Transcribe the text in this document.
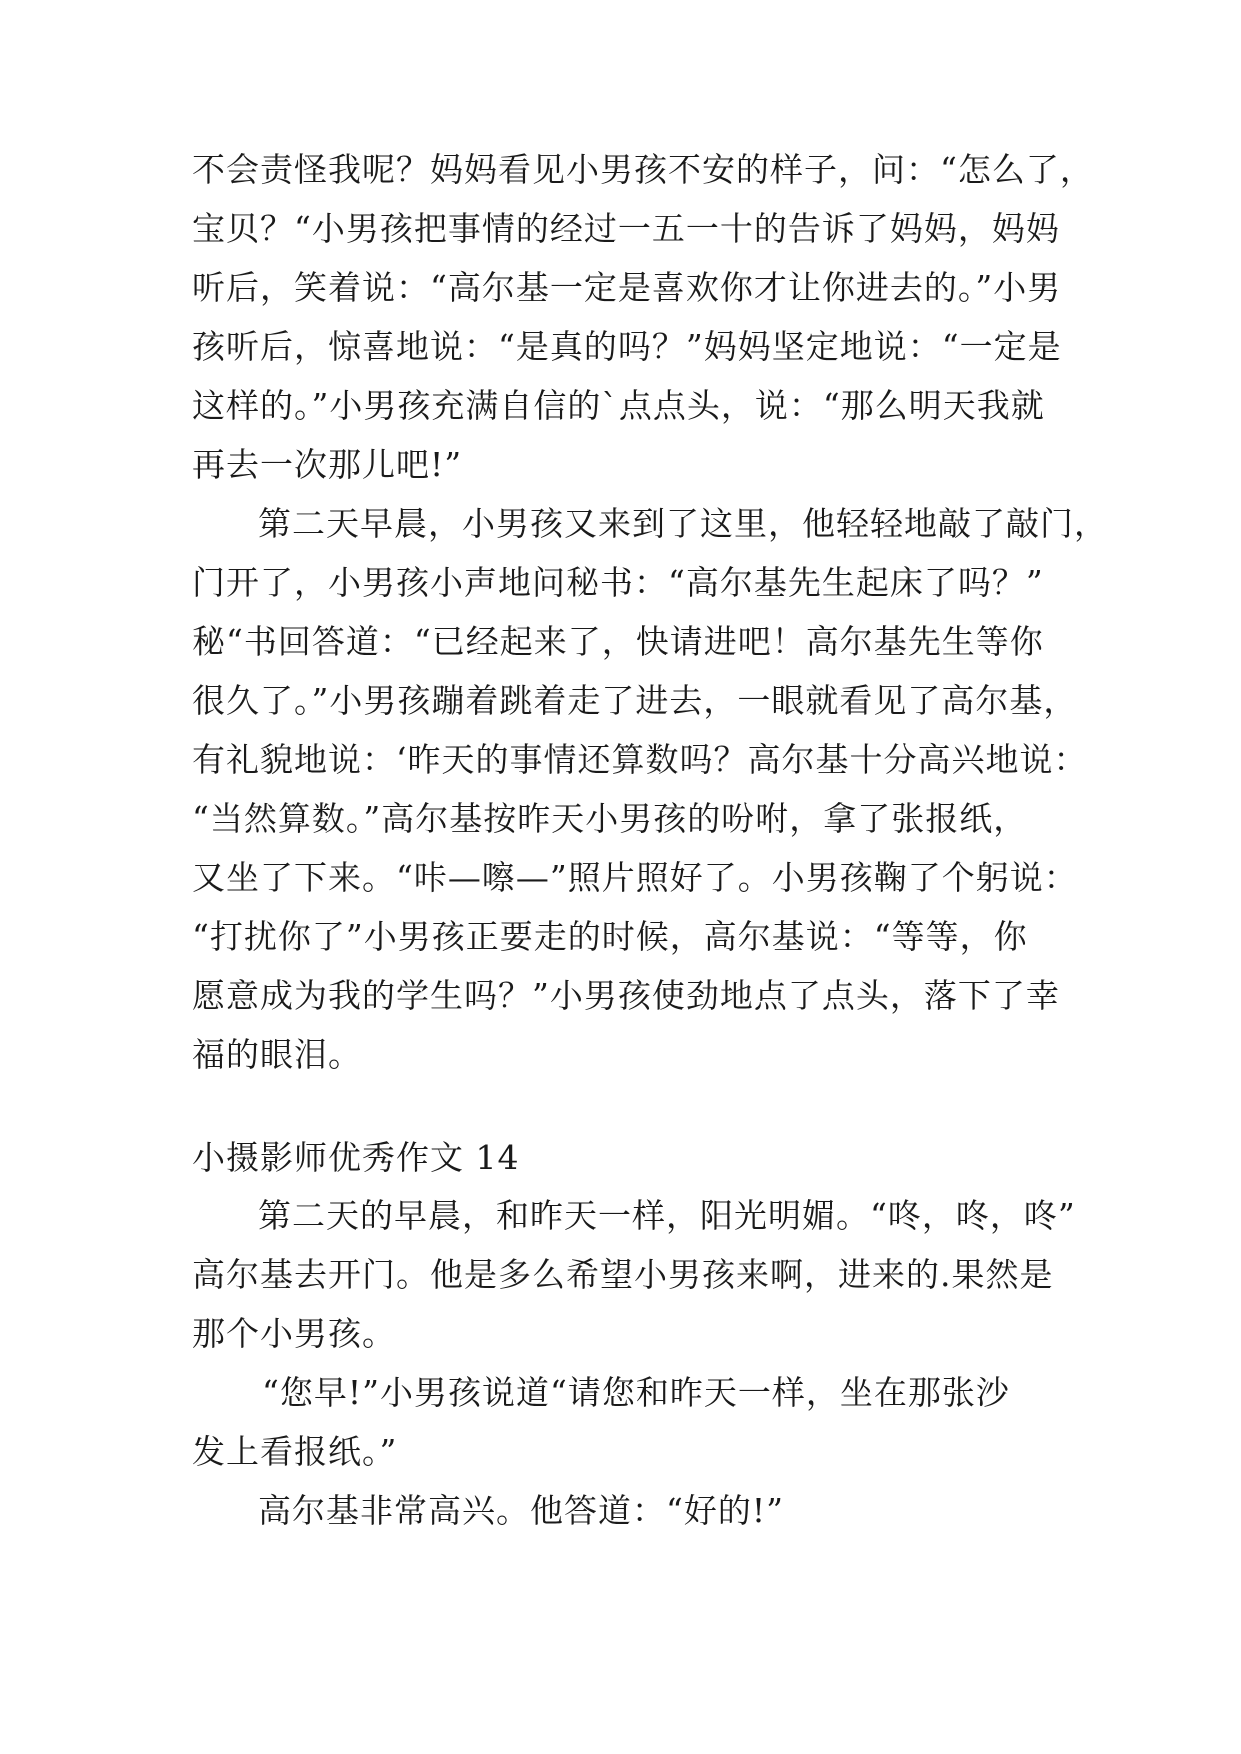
不会责怪我呢？妈妈看见小男孩不安的样子，问：“怎么了，
宝贝？“小男孩把事情的经过一五一十的告诉了妈妈，妈妈
听后，笑着说：“高尔基一定是喜欢你才让你进去的。”小男
孩听后，惊喜地说：“是真的吗？”妈妈坚定地说：“一定是
这样的。”小男孩充满自信的`点点头，说：“那么明天我就
再去一次那儿吧!”
第二天早晨，小男孩又来到了这里，他轻轻地敲了敲门，
门开了，小男孩小声地问秘书：“高尔基先生起床了吗？”
秘“书回答道：“已经起来了，快请进吧！高尔基先生等你
很久了。”小男孩蹦着跳着走了进去，一眼就看见了高尔基，
有礼貌地说：‘昨天的事情还算数吗？高尔基十分高兴地说：
“当然算数。”高尔基按昨天小男孩的吩咐，拿了张报纸，
又坐了下来。“咔—嚓—”照片照好了。小男孩鞠了个躬说：
“打扰你了”小男孩正要走的时候，高尔基说：“等等，你
愿意成为我的学生吗？”小男孩使劲地点了点头，落下了幸
福的眼泪。
小摄影师优秀作文 14
第二天的早晨，和昨天一样，阳光明媚。“咚，咚，咚”
高尔基去开门。他是多么希望小男孩来啊，进来的.果然是
那个小男孩。
“您早!”小男孩说道“请您和昨天一样，坐在那张沙
发上看报纸。”
高尔基非常高兴。他答道：“好的!”
